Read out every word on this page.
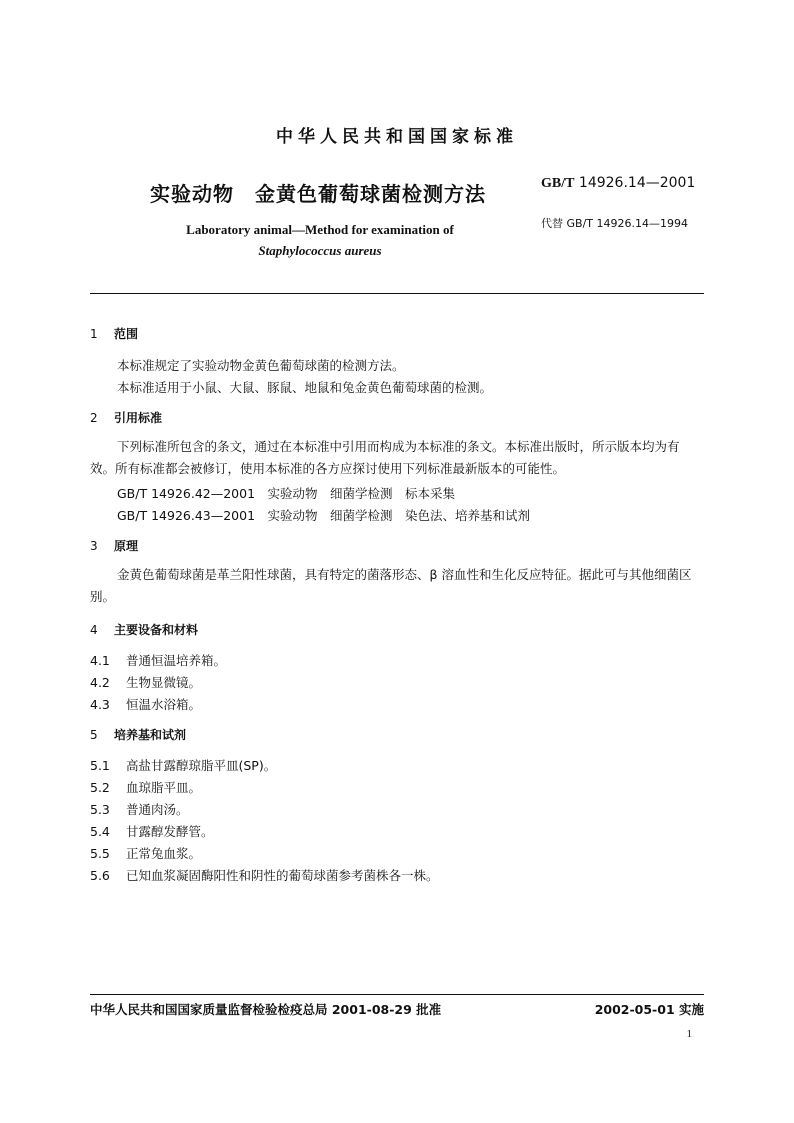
中华人民共和国国家标准
实验动物　金黄色葡萄球菌检测方法	GB/T 14926.14—2001
Laboratory animal—Method for examination of
Staphylococcus aureus
代替 GB/T 14926.14—1994
1 范围
本标准规定了实验动物金黄色葡萄球菌的检测方法。
本标准适用于小鼠、大鼠、豚鼠、地鼠和兔金黄色葡萄球菌的检测。
2 引用标准
下列标准所包含的条文，通过在本标准中引用而构成为本标准的条文。本标准出版时，所示版本均为有效。所有标准都会被修订，使用本标准的各方应探讨使用下列标准最新版本的可能性。
GB/T 14926.42—2001　实验动物　细菌学检测　标本采集
GB/T 14926.43—2001　实验动物　细菌学检测　染色法、培养基和试剂
3 原理
金黄色葡萄球菌是革兰阳性球菌，具有特定的菌落形态、β 溶血性和生化反应特征。据此可与其他细菌区别。
4 主要设备和材料
4.1 普通恒温培养箱。
4.2 生物显微镜。
4.3 恒温水浴箱。
5 培养基和试剂
5.1 高盐甘露醇琼脂平皿(SP)。
5.2 血琼脂平皿。
5.3 普通肉汤。
5.4 甘露醇发酵管。
5.5 正常兔血浆。
5.6 已知血浆凝固酶阳性和阴性的葡萄球菌参考菌株各一株。
中华人民共和国国家质量监督检验检疫总局 2001-08-29 批准	2002-05-01 实施
1
